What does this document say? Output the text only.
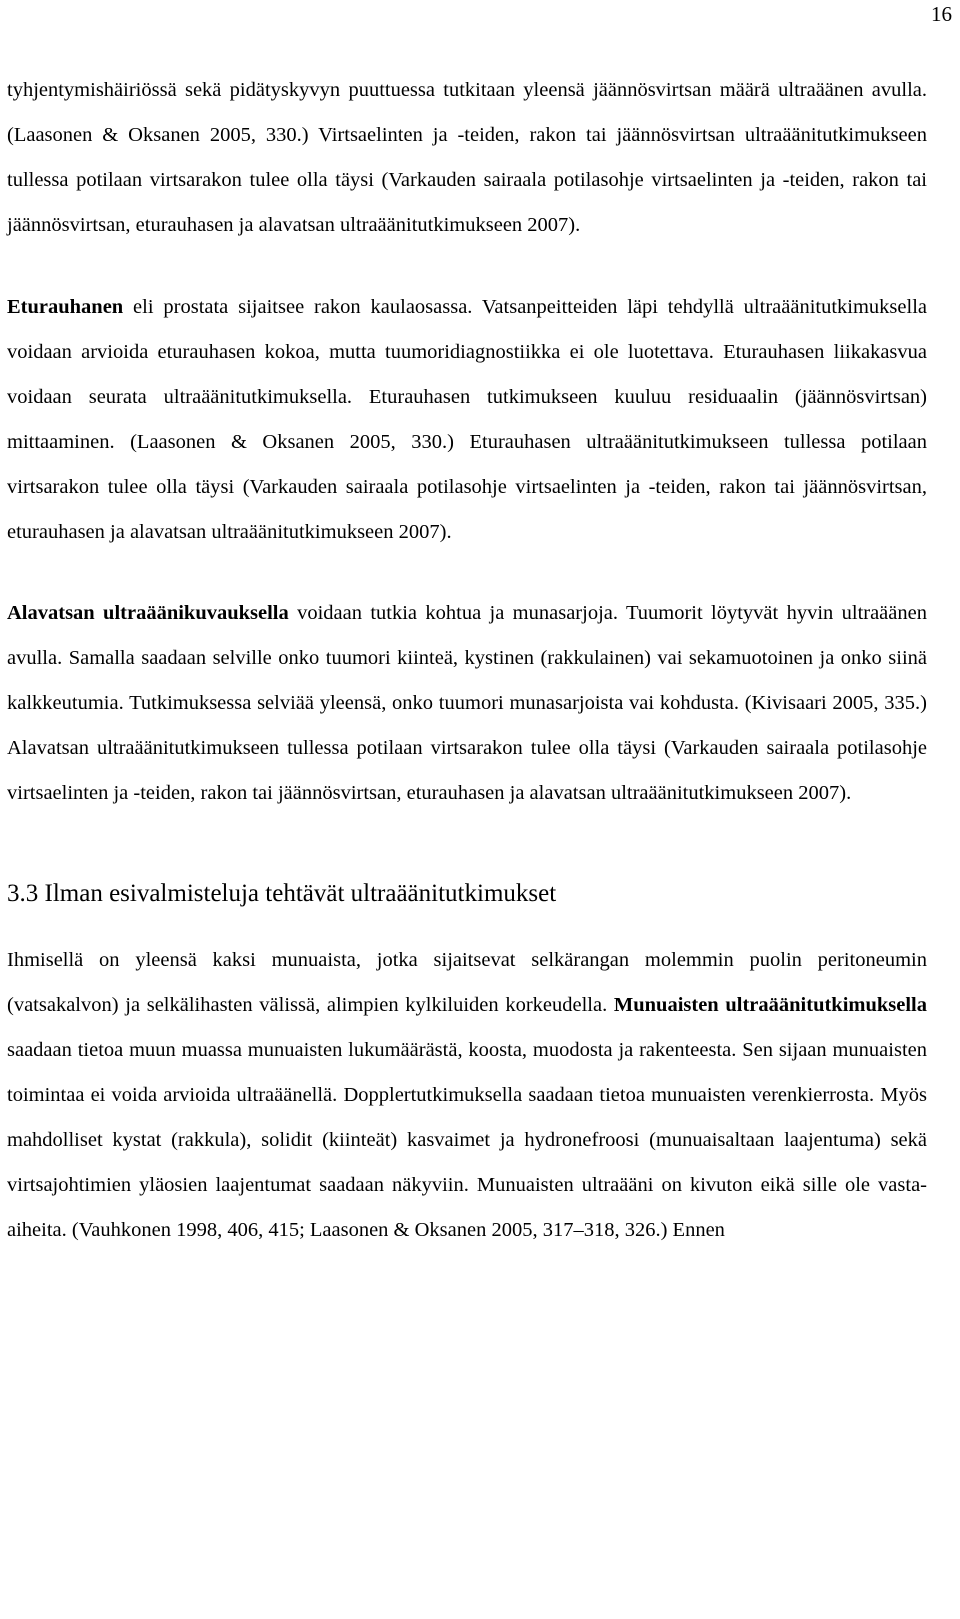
16

tyhjentymishäiriössä sekä pidätyskyvyn puuttuessa tutkitaan yleensä jäännösvirtsan määrä ultraäänen avulla. (Laasonen & Oksanen 2005, 330.) Virtsaelinten ja -teiden, rakon tai jäännösvirtsan ultraäänitutkimukseen tullessa potilaan virtsarakon tulee olla täysi (Varkauden sairaala potilasohje virtsaelinten ja -teiden, rakon tai jäännösvirtsan, eturauhasen ja alavatsan ultraäänitutkimukseen 2007).

Eturauhanen eli prostata sijaitsee rakon kaulaosassa. Vatsanpeitteiden läpi tehdyllä ultraäänitutkimuksella voidaan arvioida eturauhasen kokoa, mutta tuumoridiagnostiikka ei ole luotettava. Eturauhasen liikakasvua voidaan seurata ultraäänitutkimuksella. Eturauhasen tutkimukseen kuuluu residuaalin (jäännösvirtsan) mittaaminen. (Laasonen & Oksanen 2005, 330.) Eturauhasen ultraäänitutkimukseen tullessa potilaan virtsarakon tulee olla täysi (Varkauden sairaala potilasohje virtsaelinten ja -teiden, rakon tai jäännösvirtsan, eturauhasen ja alavatsan ultraäänitutkimukseen 2007).

Alavatsan ultraäänikuvauksella voidaan tutkia kohtua ja munasarjoja. Tuumorit löytyvät hyvin ultraäänen avulla. Samalla saadaan selville onko tuumori kiinteä, kystinen (rakkulainen) vai sekamuotoinen ja onko siinä kalkkeutumia. Tutkimuksessa selviää yleensä, onko tuumori munasarjoista vai kohdusta. (Kivisaari 2005, 335.) Alavatsan ultraäänitutkimukseen tullessa potilaan virtsarakon tulee olla täysi (Varkauden sairaala potilasohje virtsaelinten ja -teiden, rakon tai jäännösvirtsan, eturauhasen ja alavatsan ultraäänitutkimukseen 2007).

3.3 Ilman esivalmisteluja tehtävät ultraäänitutkimukset

Ihmisellä on yleensä kaksi munuaista, jotka sijaitsevat selkärangan molemmin puolin peritoneumin (vatsakalvon) ja selkälihasten välissä, alimpien kylkiluiden korkeudella. Munuaisten ultraäänitutkimuksella saadaan tietoa muun muassa munuaisten lukumäärästä, koosta, muodosta ja rakenteesta. Sen sijaan munuaisten toimintaa ei voida arvioida ultraäänellä. Dopplertutkimuksella saadaan tietoa munuaisten verenkierrosta. Myös mahdolliset kystat (rakkula), solidit (kiinteät) kasvaimet ja hydronefroosi (munuaisaltaan laajentuma) sekä virtsajohtimien yläosien laajentumat saadaan näkyviin. Munuaisten ultraääni on kivuton eikä sille ole vasta-aiheita. (Vauhkonen 1998, 406, 415; Laasonen & Oksanen 2005, 317–318, 326.) Ennen
